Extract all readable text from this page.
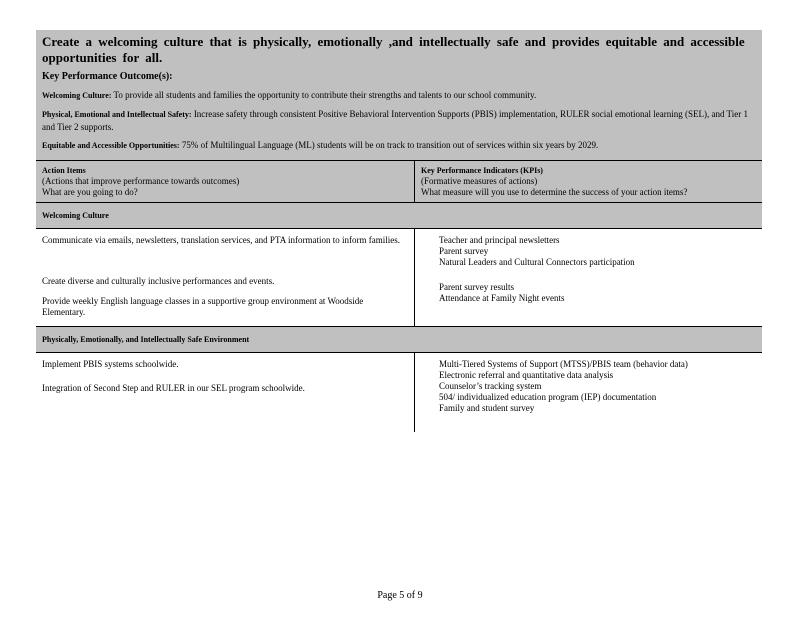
Create a welcoming culture that is physically, emotionally ,and intellectually safe and provides equitable and accessible opportunities for all.
Key Performance Outcome(s):
Welcoming Culture: To provide all students and families the opportunity to contribute their strengths and talents to our school community.
Physical, Emotional and Intellectual Safety: Increase safety through consistent Positive Behavioral Intervention Supports (PBIS) implementation, RULER social emotional learning (SEL), and Tier 1 and Tier 2 supports.
Equitable and Accessible Opportunities: 75% of Multilingual Language (ML) students will be on track to transition out of services within six years by 2029.
Action Items
(Actions that improve performance towards outcomes)
What are you going to do?
Key Performance Indicators (KPIs)
(Formative measures of actions)
What measure will you use to determine the success of your action items?
Welcoming Culture
Communicate via emails, newsletters, translation services, and PTA information to inform families.
Create diverse and culturally inclusive performances and events.
Provide weekly English language classes in a supportive group environment at Woodside Elementary.
Teacher and principal newsletters
Parent survey
Natural Leaders and Cultural Connectors participation
Parent survey results
Attendance at Family Night events
Physically, Emotionally, and Intellectually Safe Environment
Implement PBIS systems schoolwide.
Integration of Second Step and RULER in our SEL program schoolwide.
Multi-Tiered Systems of Support (MTSS)/PBIS team (behavior data)
Electronic referral and quantitative data analysis
Counselor’s tracking system
504/ individualized education program (IEP) documentation
Family and student survey
Page 5 of 9
